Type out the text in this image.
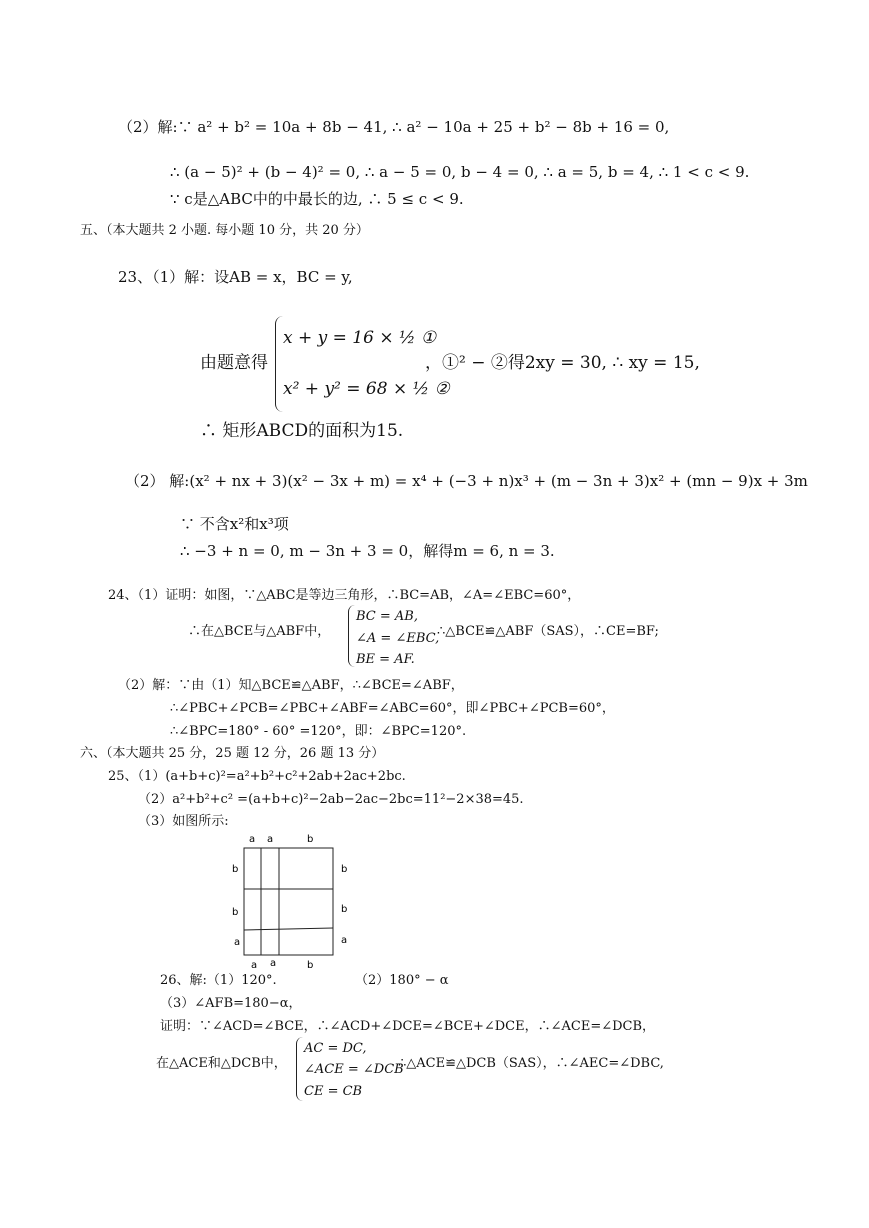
（2）解:∵ a² + b² = 10a + 8b − 41, ∴ a² − 10a + 25 + b² − 8b + 16 = 0,
∴ (a − 5)² + (b − 4)² = 0, ∴ a − 5 = 0, b − 4 = 0, ∴ a = 5, b = 4, ∴ 1 < c < 9.
∵ c是△ABC中的中最长的边, ∴ 5 ≤ c < 9.
五、（本大题共 2 小题. 每小题 10 分，共 20 分）
23、（1）解：设AB = x，BC = y,
由题意得
x + y = 16 × ½ ①
x² + y² = 68 × ½ ②
，①² − ②得2xy = 30, ∴ xy = 15,
∴ 矩形ABCD的面积为15.
（2） 解:(x² + nx + 3)(x² − 3x + m) = x⁴ + (−3 + n)x³ + (m − 3n + 3)x² + (mn − 9)x + 3m
∵ 不含x²和x³项
∴ −3 + n = 0, m − 3n + 3 = 0，解得m = 6, n = 3.
24、（1）证明：如图，∵△ABC是等边三角形，∴BC=AB，∠A=∠EBC=60°，
∴在△BCE与△ABF中，
BC = AB,
∠A = ∠EBC,
BE = AF.
∴△BCE≌△ABF（SAS），∴CE=BF;
（2）解：∵由（1）知△BCE≌△ABF，∴∠BCE=∠ABF，
∴∠PBC+∠PCB=∠PBC+∠ABF=∠ABC=60°，即∠PBC+∠PCB=60°，
∴∠BPC=180° - 60° =120°，即：∠BPC=120°.
六、（本大题共 25 分，25 题 12 分，26 题 13 分）
25、（1）(a+b+c)²=a²+b²+c²+2ab+2ac+2bc.
（2）a²+b²+c² =(a+b+c)²−2ab−2ac−2bc=11²−2×38=45.
（3）如图所示:
a a	b
b
b
a
b
b
a
a a	b
26、解:（1）120°.	（2）180° − α
（3）∠AFB=180−α，
证明：∵∠ACD=∠BCE，∴∠ACD+∠DCE=∠BCE+∠DCE，∴∠ACE=∠DCB，
在△ACE和△DCB中，
AC = DC,
∠ACE = ∠DCB
CE = CB
∴△ACE≌△DCB（SAS），∴∠AEC=∠DBC,
